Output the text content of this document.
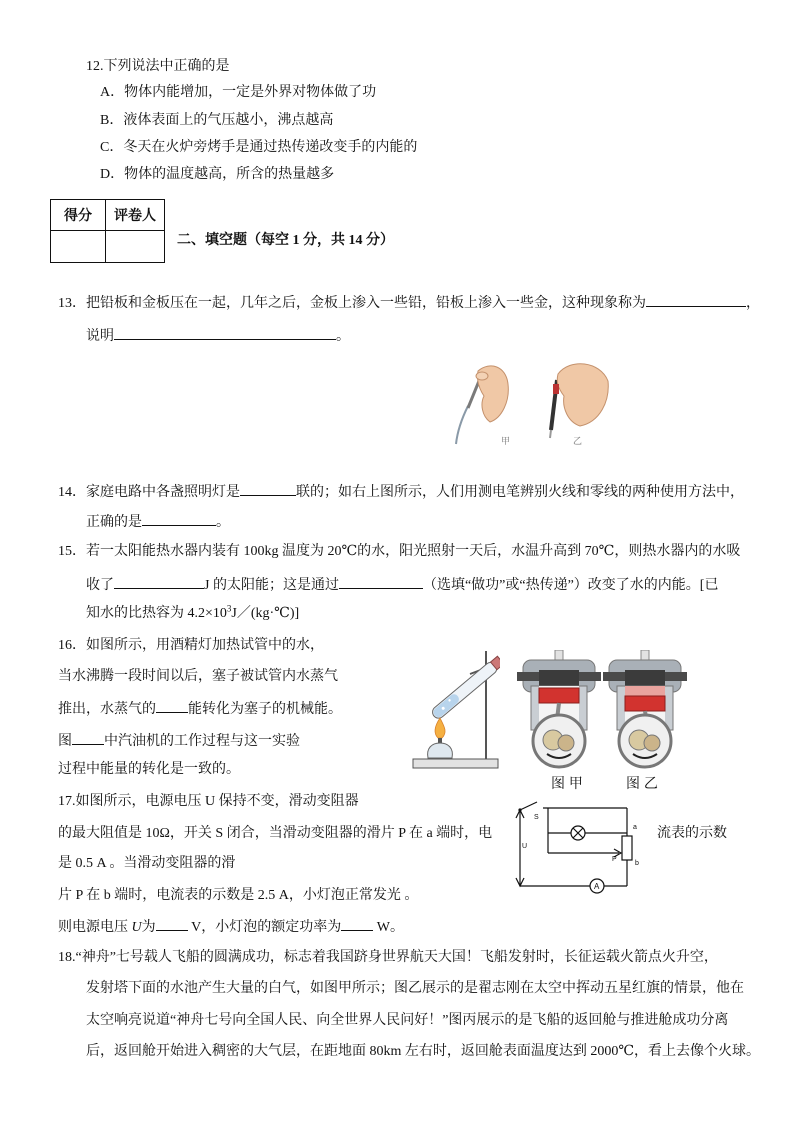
12.下列说法中正确的是
A．物体内能增加，一定是外界对物体做了功
B．液体表面上的气压越小，沸点越高
C．冬天在火炉旁烤手是通过热传递改变手的内能的
D．物体的温度越高，所含的热量越多
得分	评卷人

二、填空题（每空 1 分，共 14 分）
13．把铅板和金板压在一起，几年之后，金板上渗入一些铅，铅板上渗入一些金，这种现象称为	，
说明	。
甲	乙
14．家庭电路中各盏照明灯是	联的；如右上图所示，人们用测电笔辨别火线和零线的两种使用方法中，
正确的是	。
15．若一太阳能热水器内装有 100kg 温度为 20℃的水，阳光照射一天后，水温升高到 70℃，则热水器内的水吸
收了	J 的太阳能；这是通过	（选填“做功”或“热传递”）改变了水的内能。[已
知水的比热容为 $4.2\times 10^3J/(kg\cdot℃)$]
16．如图所示，用酒精灯加热试管中的水，
当水沸腾一段时间以后，塞子被试管内水蒸气
推出，水蒸气的 能转化为塞子的机械能。
图 中汽油机的工作过程与这一实验
过程中能量的转化是一致的。
图 甲	图 乙
17.如图所示，电源电压 U 保持不变，滑动变阻器
的最大阻值是 10Ω，开关 S 闭合，当滑动变阻器的滑片 P 在 a 端时，电	流表的示数
是 0.5 A 。当滑动变阻器的滑
片 P 在 b 端时，电流表的示数是 2.5 A，小灯泡正常发光 。
则电源电压 U为 V，小灯泡的额定功率为 W。
A
S
a
b
P
U
18.“神舟”七号载人飞船的圆满成功，标志着我国跻身世界航天大国！飞船发射时，长征运载火箭点火升空，
发射塔下面的水池产生大量的白气，如图甲所示；图乙展示的是翟志刚在太空中挥动五星红旗的情景，他在
太空响亮说道“神舟七号向全国人民、向全世界人民问好！”图丙展示的是飞船的返回舱与推进舱成功分离
后，返回舱开始进入稠密的大气层，在距地面 80km 左右时，返回舱表面温度达到 2000℃，看上去像个火球。
